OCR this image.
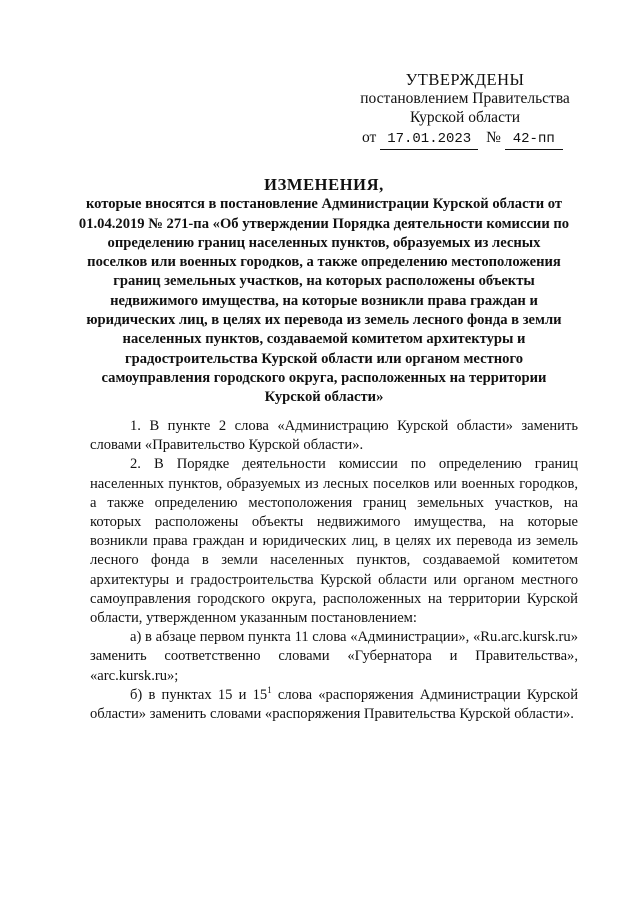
УТВЕРЖДЕНЫ
постановлением Правительства
Курской области
от 17.01.2023 № 42-пп
ИЗМЕНЕНИЯ,
которые вносятся в постановление Администрации Курской области от 01.04.2019 № 271-па «Об утверждении Порядка деятельности комиссии по определению границ населенных пунктов, образуемых из лесных поселков или военных городков, а также определению местоположения границ земельных участков, на которых расположены объекты недвижимого имущества, на которые возникли права граждан и юридических лиц, в целях их перевода из земель лесного фонда в земли населенных пунктов, создаваемой комитетом архитектуры и градостроительства Курской области или органом местного самоуправления городского округа, расположенных на территории Курской области»

1. В пункте 2 слова «Администрацию Курской области» заменить словами «Правительство Курской области».

2. В Порядке деятельности комиссии по определению границ населенных пунктов, образуемых из лесных поселков или военных городков, а также определению местоположения границ земельных участков, на которых расположены объекты недвижимого имущества, на которые возникли права граждан и юридических лиц, в целях их перевода из земель лесного фонда в земли населенных пунктов, создаваемой комитетом архитектуры и градостроительства Курской области или органом местного самоуправления городского округа, расположенных на территории Курской области, утвержденном указанным постановлением:

а) в абзаце первом пункта 11 слова «Администрации», «Ru.arc.kursk.ru» заменить соответственно словами «Губернатора и Правительства», «arc.kursk.ru»;

б) в пунктах 15 и $15^1$ слова «распоряжения Администрации Курской области» заменить словами «распоряжения Правительства Курской области».
